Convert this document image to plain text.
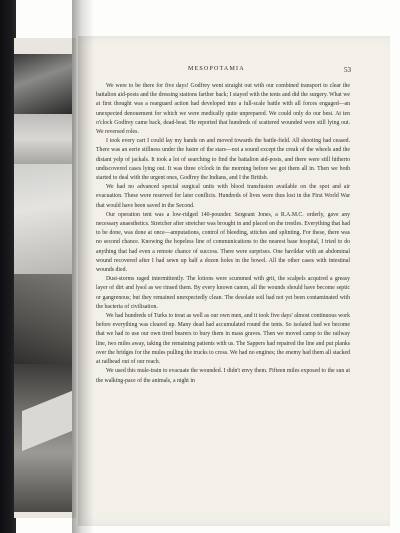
MESOPOTAMIA	53

We were to be there for five days! Godfrey went straight out with our combined transport to clear the battalion aid-posts and the dressing stations farther back; I stayed with the tents and did the surgery. What we at first thought was a rearguard action had developed into a full-scale battle with all forces engaged—an unexpected denouement for which we were medically quite unprepared. We could only do our best. At ten o'clock Godfrey came back, dead-beat. He reported that hundreds of scattered wounded were still lying out. We reversed roles.

I took every cart I could lay my hands on and moved towards the battle-field. All shooting had ceased. There was an eerie stillness under the lustre of the stars—not a sound except the creak of the wheels and the distant yelp of jackals. It took a lot of searching to find the battalion aid-posts, and there were still hitherto undiscovered cases lying out. It was three o'clock in the morning before we got them all in. Then we both started to deal with the urgent ones, Godfrey the Indians, and I the British.

We had no advanced special surgical units with blood transfusion available on the spot and air evacuation. These were reserved for later conflicts. Hundreds of lives were thus lost in the First World War that would have been saved in the Second.

Our operation tent was a low-ridged 140-pounder. Sergeant Jones, a R.A.M.C. orderly, gave any necessary anaesthetics. Stretcher after stretcher was brought in and placed on the trestles. Everything that had to be done, was done at once—amputations, control of bleeding, stitches and splinting. For these, there was no second chance. Knowing the hopeless line of communications to the nearest base hospital, I tried to do anything that had even a remote chance of success. There were surprises. One havildar with an abdominal wound recovered after I had sewn up half a dozen holes in the bowel. All the other cases with intestinal wounds died.

Dust-storms raged intermittently. The lotions were scummed with grit, the scalpels acquired a greasy layer of dirt and lysol as we rinsed them. By every known canon, all the wounds should have become septic or gangrenous; but they remained unexpectedly clean. The desolate soil had not yet been contaminated with the bacteria of civilisation.

We had hundreds of Turks to treat as well as our own men, and it took five days' almost continuous work before everything was cleared up. Many dead had accumulated round the tents. So isolated had we become that we had to use our own tired bearers to bury them in mass graves. Then we moved camp to the railway line, two miles away, taking the remaining patients with us. The Sappers had repaired the line and put planks over the bridges for the mules pulling the trucks to cross. We had no engines; the enemy had them all stacked at railhead out of our reach.

We used this mule-train to evacuate the wounded. I didn't envy them. Fifteen miles exposed to the sun at the walking-pace of the animals, a night in
